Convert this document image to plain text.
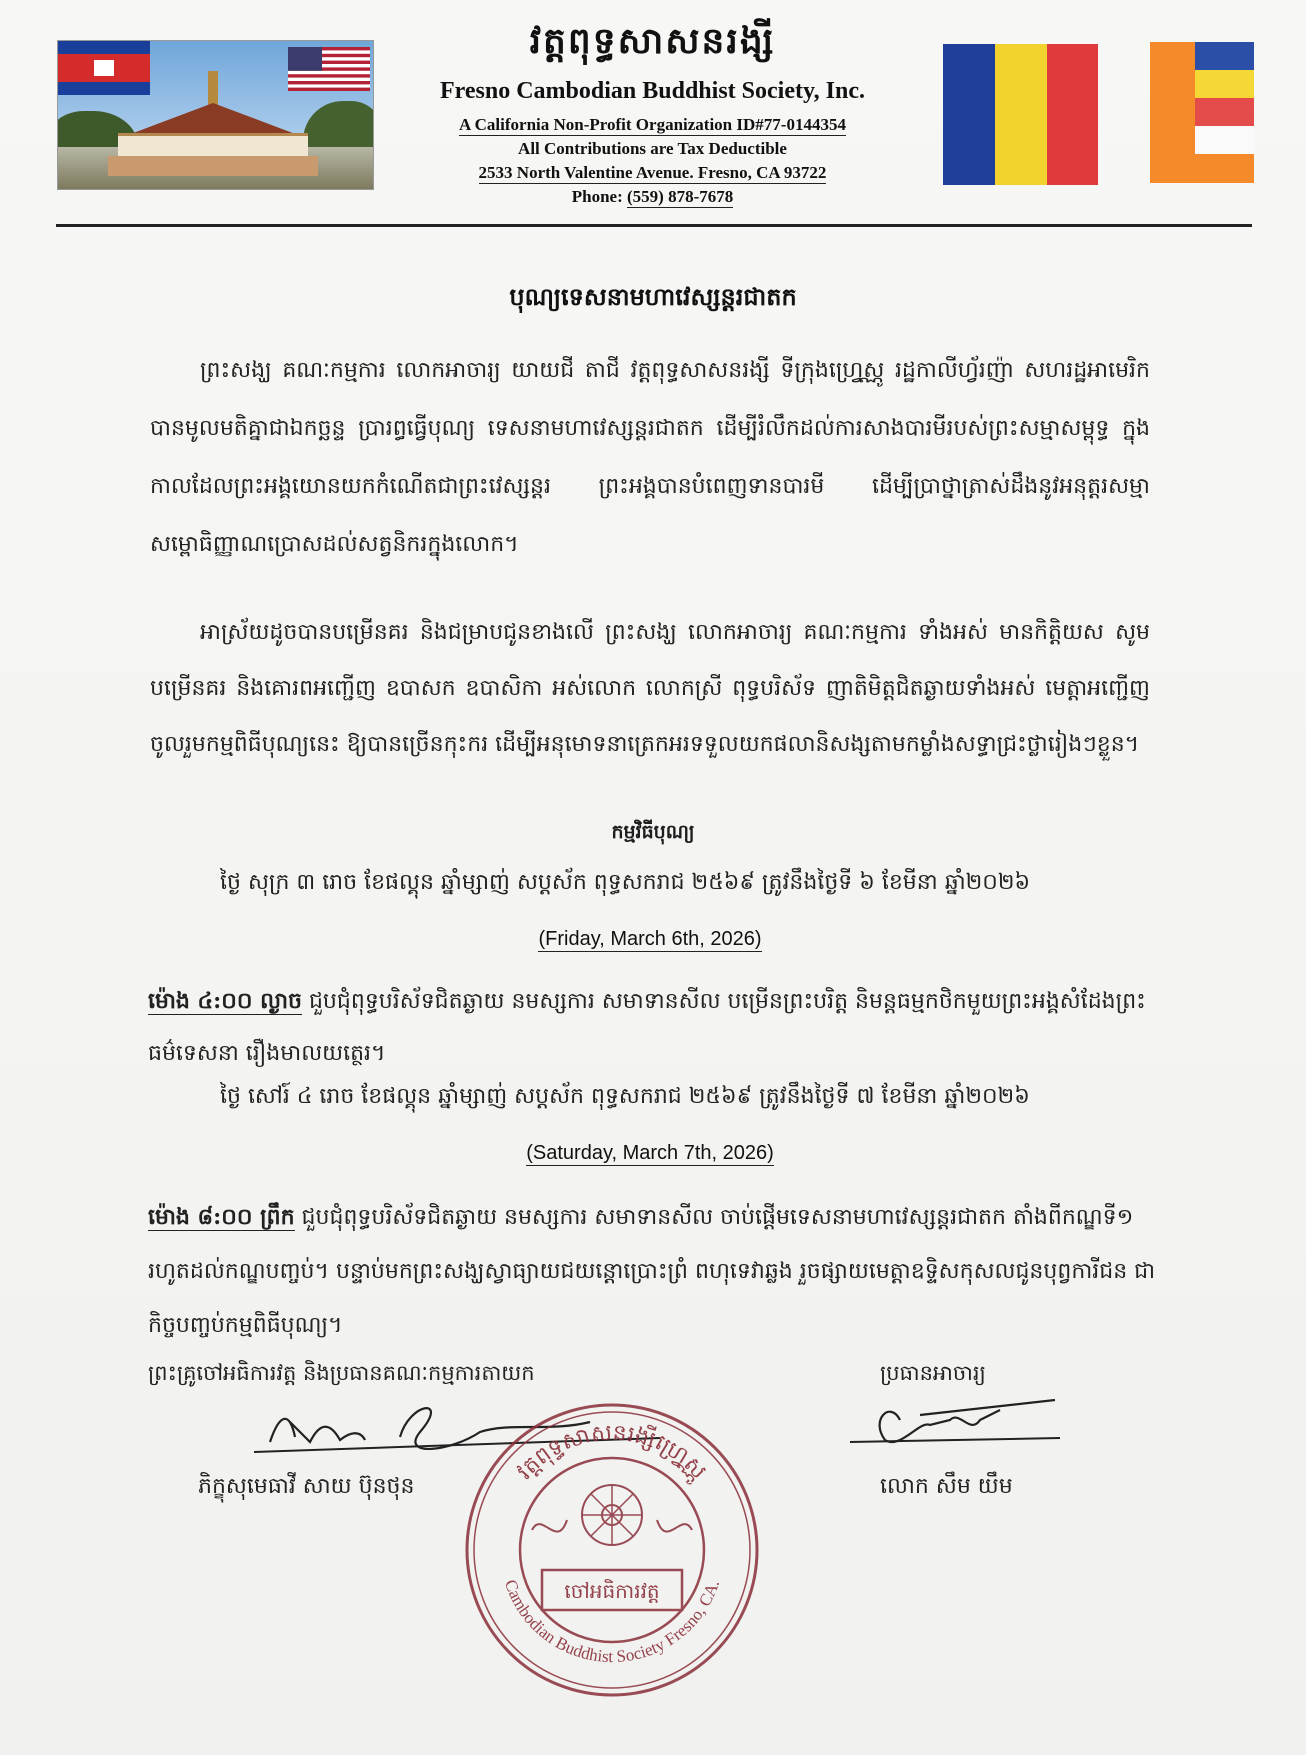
វត្តពុទ្ធសាសនរង្សី
Fresno Cambodian Buddhist Society, Inc.
A California Non-Profit Organization ID#77-0144354
All Contributions are Tax Deductible
2533 North Valentine Avenue. Fresno, CA 93722
Phone: (559) 878-7678
បុណ្យទេសនាមហាវេស្សន្តរជាតក
ព្រះសង្ឃ គណៈកម្មការ លោកអាចារ្យ យាយជី តាជី វត្តពុទ្ធសាសនរង្សី ទីក្រុងហ្វ្រេស្ណូ រដ្ឋកាលីហ្វ័រញ៉ា សហរដ្ឋអាមេរិក បានមូលមតិគ្នាជាឯកច្ឆន្ទ ប្រារព្ធធ្វើបុណ្យ ទេសនាមហាវេស្សន្តរជាតក ដើម្បីរំលឹកដល់ការសាងបារមីរបស់ព្រះសម្មាសម្ពុទ្ធ ក្នុងកាលដែលព្រះអង្គយោនយកកំណើតជាព្រះវេស្សន្តរ ព្រះអង្គបានបំពេញទានបារមី ដើម្បីប្រាថ្នាត្រាស់ដឹងនូវអនុត្តរសម្មាសម្ពោធិញ្ញាណប្រោសដល់សត្វនិករក្នុងលោក។
អាស្រ័យដូចបានបម្រើនគរ និងជម្រាបជូនខាងលើ ព្រះសង្ឃ លោកអាចារ្យ គណៈកម្មការ ទាំងអស់ មានកិត្តិយស សូមបម្រើនគរ និងគោរពអញ្ជើញ ឧបាសក ឧបាសិកា អស់លោក លោកស្រី ពុទ្ធបរិស័ទ ញាតិមិត្តជិតឆ្ងាយទាំងអស់ មេត្តាអញ្ជើញចូលរួមកម្មពិធីបុណ្យនេះ ឱ្យបានច្រើនកុះករ ដើម្បីអនុមោទនាត្រេកអរទទួលយកផលានិសង្សតាមកម្លាំងសទ្ធាជ្រះថ្លារៀងៗខ្លួន។
កម្មវិធីបុណ្យ
ថ្ងៃ សុក្រ ៣ រោច ខែផល្គុន ឆ្នាំម្សាញ់ សប្តស័ក ពុទ្ធសករាជ ២៥៦៩ ត្រូវនឹងថ្ងៃទី ៦ ខែមីនា ឆ្នាំ២០២៦
(Friday, March 6th, 2026)
ម៉ោង ៤:០០ ល្ងាច ជួបជុំពុទ្ធបរិស័ទជិតឆ្ងាយ នមស្សការ សមាទានសីល បម្រើនព្រះបរិត្ត និមន្តធម្មកថិកមួយព្រះអង្គសំដែងព្រះធម៌ទេសនា រឿងមាលយត្ថេរ។
ថ្ងៃ សៅរ៍ ៤ រោច ខែផល្គុន ឆ្នាំម្សាញ់ សប្តស័ក ពុទ្ធសករាជ ២៥៦៩ ត្រូវនឹងថ្ងៃទី ៧ ខែមីនា ឆ្នាំ២០២៦
(Saturday, March 7th, 2026)
ម៉ោង ៨:០០ ព្រឹក ជួបជុំពុទ្ធបរិស័ទជិតឆ្ងាយ នមស្សការ សមាទានសីល ចាប់ផ្តើមទេសនាមហាវេស្សន្តរជាតក តាំងពីកណ្ឌទី១ រហូតដល់កណ្ឌបញ្ចប់។ បន្ទាប់មកព្រះសង្ឃស្វាធ្យាយជយន្តោប្រោះព្រំ ពហុទេវាឆ្លង រួចផ្សាយមេត្តាឧទ្ទិសកុសលជូនបុព្វការីជន ជាកិច្ចបញ្ចប់កម្មពិធីបុណ្យ។
ព្រះគ្រូចៅអធិការវត្ត និងប្រធានគណៈកម្មការតាយក	ប្រធានអាចារ្យ
ភិក្ខុសុមេធាវី សាយ ប៊ុនថុន	លោក សឹម យឹម
វត្តពុទ្ធសាសនរង្សីហ្វ្រេស្ណូ
ចៅអធិការវត្ត
Cambodian Buddhist Society Fresno, CA.
